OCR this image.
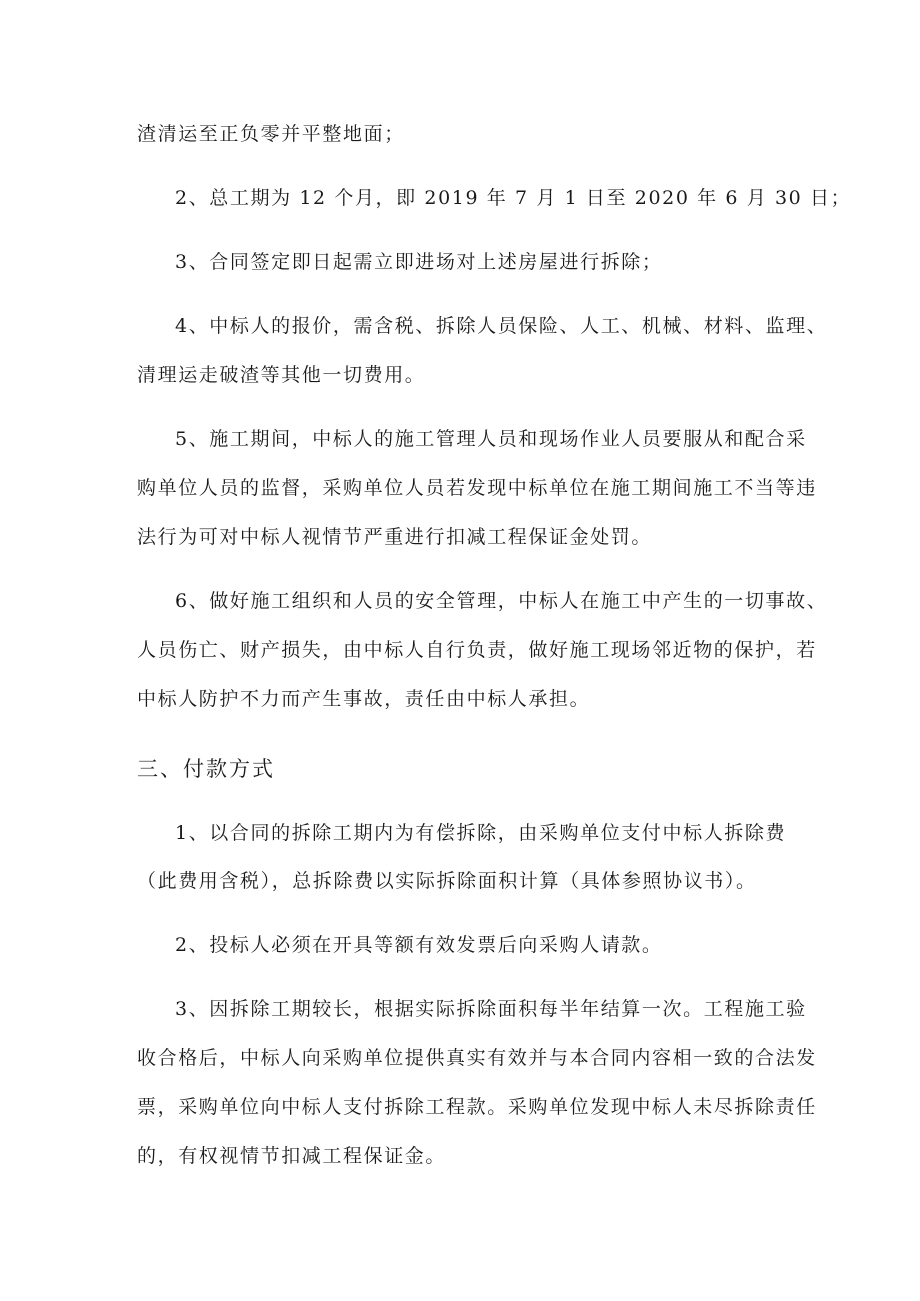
渣清运至正负零并平整地面；
2、总工期为 12 个月，即 2019 年 7 月 1 日至 2020 年 6 月 30 日；
3、合同签定即日起需立即进场对上述房屋进行拆除；
4、中标人的报价，需含税、拆除人员保险、人工、机械、材料、监理、
清理运走破渣等其他一切费用。
5、施工期间，中标人的施工管理人员和现场作业人员要服从和配合采
购单位人员的监督，采购单位人员若发现中标单位在施工期间施工不当等违
法行为可对中标人视情节严重进行扣减工程保证金处罚。
6、做好施工组织和人员的安全管理，中标人在施工中产生的一切事故、
人员伤亡、财产损失，由中标人自行负责，做好施工现场邻近物的保护，若
中标人防护不力而产生事故，责任由中标人承担。
三、付款方式
1、以合同的拆除工期内为有偿拆除，由采购单位支付中标人拆除费
（此费用含税），总拆除费以实际拆除面积计算（具体参照协议书）。
2、投标人必须在开具等额有效发票后向采购人请款。
3、因拆除工期较长，根据实际拆除面积每半年结算一次。工程施工验
收合格后，中标人向采购单位提供真实有效并与本合同内容相一致的合法发
票，采购单位向中标人支付拆除工程款。采购单位发现中标人未尽拆除责任
的，有权视情节扣减工程保证金。
